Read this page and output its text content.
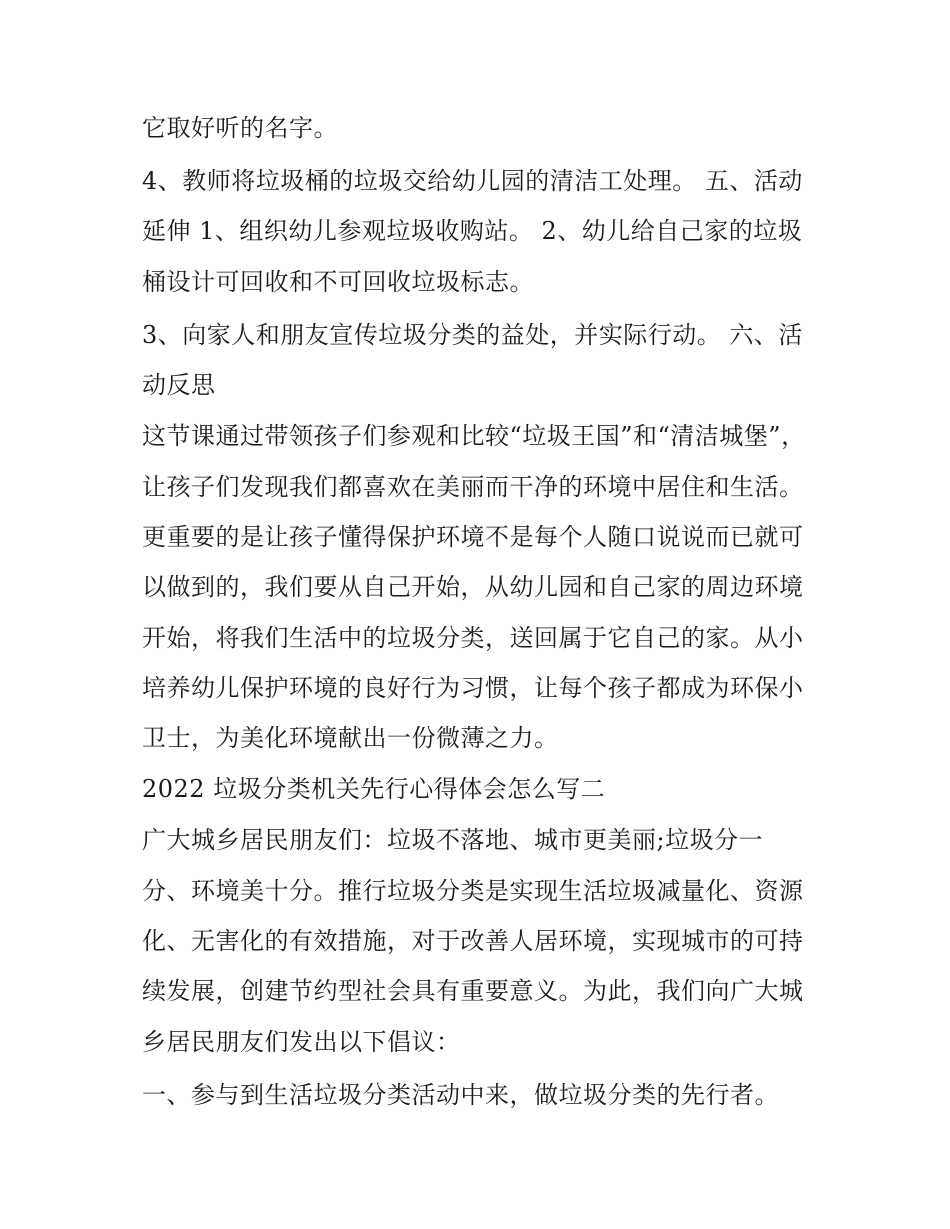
它取好听的名字。
4、教师将垃圾桶的垃圾交给幼儿园的清洁工处理。 五、活动
延伸 1、组织幼儿参观垃圾收购站。 2、幼儿给自己家的垃圾
桶设计可回收和不可回收垃圾标志。
3、向家人和朋友宣传垃圾分类的益处，并实际行动。 六、活
动反思
这节课通过带领孩子们参观和比较“垃圾王国”和“清洁城堡”，
让孩子们发现我们都喜欢在美丽而干净的环境中居住和生活。
更重要的是让孩子懂得保护环境不是每个人随口说说而已就可
以做到的，我们要从自己开始，从幼儿园和自己家的周边环境
开始，将我们生活中的垃圾分类，送回属于它自己的家。从小
培养幼儿保护环境的良好行为习惯，让每个孩子都成为环保小
卫士，为美化环境献出一份微薄之力。
2022 垃圾分类机关先行心得体会怎么写二
广大城乡居民朋友们：垃圾不落地、城市更美丽;垃圾分一
分、环境美十分。推行垃圾分类是实现生活垃圾减量化、资源
化、无害化的有效措施，对于改善人居环境，实现城市的可持
续发展，创建节约型社会具有重要意义。为此，我们向广大城
乡居民朋友们发出以下倡议：
一、参与到生活垃圾分类活动中来，做垃圾分类的先行者。
